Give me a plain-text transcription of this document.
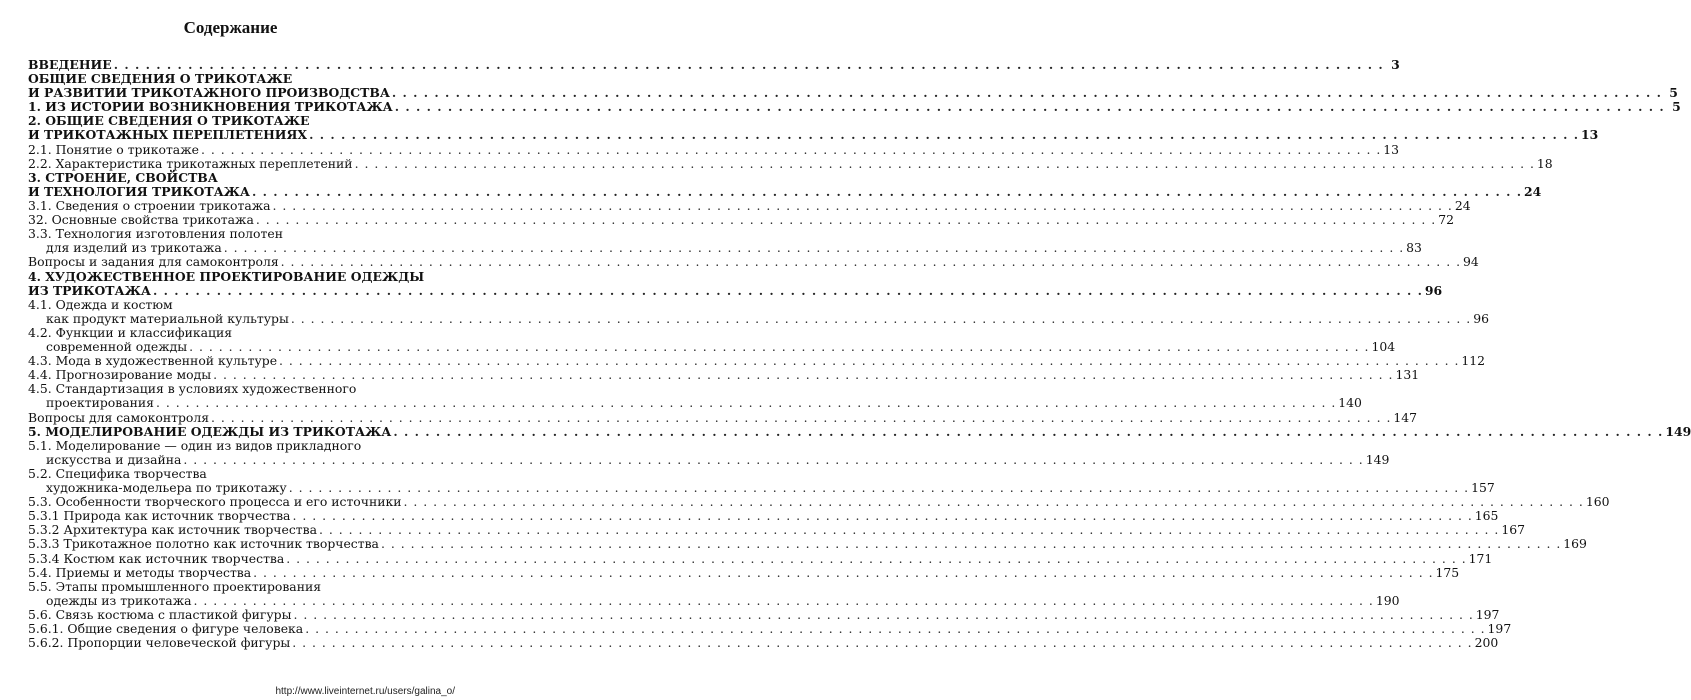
Содержание
ВВЕДЕНИЕ . . . . . . . . . . . . . . . . . . . . . . . . . . . . . . . . . . . . . . . . . . . . . . . . . . . . . . . . . . . . . . . . . . . . . . . . . . . . . . . . . . . . . . . . . . . . . . . . . . . . . . . . . . . . . . . . . . . . . . . . 3
ОБЩИЕ СВЕДЕНИЯ О ТРИКОТАЖЕ
И РАЗВИТИИ ТРИКОТАЖНОГО ПРОИЗВОДСТВА . . . . . . . . . . . . . . . . . . . . . . . . . . . . . . . . . . . . . . . . . . . . . . . . . . . . . . . . . . . . . . . . . . . . . . . . . . . . . . . . . . . . . . . . . . . . . . . . . . . . . . . . . . . . . . . . . . . . . . . . 5
1. ИЗ ИСТОРИИ ВОЗНИКНОВЕНИЯ ТРИКОТАЖА . . . . . . . . . . . . . . . . . . . . . . . . . . . . . . . . . . . . . . . . . . . . . . . . . . . . . . . . . . . . . . . . . . . . . . . . . . . . . . . . . . . . . . . . . . . . . . . . . . . . . . . . . . . . . . . . . . . . . . . . 5
2. ОБЩИЕ СВЕДЕНИЯ О ТРИКОТАЖЕ
И ТРИКОТАЖНЫХ ПЕРЕПЛЕТЕНИЯХ . . . . . . . . . . . . . . . . . . . . . . . . . . . . . . . . . . . . . . . . . . . . . . . . . . . . . . . . . . . . . . . . . . . . . . . . . . . . . . . . . . . . . . . . . . . . . . . . . . . . . . . . . . . . . . . . . . . . . . . . 13
2.1. Понятие о трикотаже . . . . . . . . . . . . . . . . . . . . . . . . . . . . . . . . . . . . . . . . . . . . . . . . . . . . . . . . . . . . . . . . . . . . . . . . . . . . . . . . . . . . . . . . . . . . . . . . . . . . . . . . . . . . . . . . . . . . . . . . 13
2.2. Характеристика трикотажных переплетений . . . . . . . . . . . . . . . . . . . . . . . . . . . . . . . . . . . . . . . . . . . . . . . . . . . . . . . . . . . . . . . . . . . . . . . . . . . . . . . . . . . . . . . . . . . . . . . . . . . . . . . . . . . . . . . . . . . . . . . . 18
3. СТРОЕНИЕ, СВОЙСТВА
И ТЕХНОЛОГИЯ ТРИКОТАЖА . . . . . . . . . . . . . . . . . . . . . . . . . . . . . . . . . . . . . . . . . . . . . . . . . . . . . . . . . . . . . . . . . . . . . . . . . . . . . . . . . . . . . . . . . . . . . . . . . . . . . . . . . . . . . . . . . . . . . . . . 24
3.1. Сведения о строении трикотажа . . . . . . . . . . . . . . . . . . . . . . . . . . . . . . . . . . . . . . . . . . . . . . . . . . . . . . . . . . . . . . . . . . . . . . . . . . . . . . . . . . . . . . . . . . . . . . . . . . . . . . . . . . . . . . . . . . . . . . . . 24
32. Основные свойства трикотажа . . . . . . . . . . . . . . . . . . . . . . . . . . . . . . . . . . . . . . . . . . . . . . . . . . . . . . . . . . . . . . . . . . . . . . . . . . . . . . . . . . . . . . . . . . . . . . . . . . . . . . . . . . . . . . . . . . . . . . . . 72
3.3. Технология изготовления полотен
для изделий из трикотажа . . . . . . . . . . . . . . . . . . . . . . . . . . . . . . . . . . . . . . . . . . . . . . . . . . . . . . . . . . . . . . . . . . . . . . . . . . . . . . . . . . . . . . . . . . . . . . . . . . . . . . . . . . . . . . . . . . . . . . . . 83
Вопросы и задания для самоконтроля . . . . . . . . . . . . . . . . . . . . . . . . . . . . . . . . . . . . . . . . . . . . . . . . . . . . . . . . . . . . . . . . . . . . . . . . . . . . . . . . . . . . . . . . . . . . . . . . . . . . . . . . . . . . . . . . . . . . . . . . 94
4. ХУДОЖЕСТВЕННОЕ ПРОЕКТИРОВАНИЕ ОДЕЖДЫ
ИЗ ТРИКОТАЖА . . . . . . . . . . . . . . . . . . . . . . . . . . . . . . . . . . . . . . . . . . . . . . . . . . . . . . . . . . . . . . . . . . . . . . . . . . . . . . . . . . . . . . . . . . . . . . . . . . . . . . . . . . . . . . . . . . . . . . . . 96
4.1. Одежда и костюм
как продукт материальной культуры . . . . . . . . . . . . . . . . . . . . . . . . . . . . . . . . . . . . . . . . . . . . . . . . . . . . . . . . . . . . . . . . . . . . . . . . . . . . . . . . . . . . . . . . . . . . . . . . . . . . . . . . . . . . . . . . . . . . . . . . 96
4.2. Функции и классификация
современной одежды . . . . . . . . . . . . . . . . . . . . . . . . . . . . . . . . . . . . . . . . . . . . . . . . . . . . . . . . . . . . . . . . . . . . . . . . . . . . . . . . . . . . . . . . . . . . . . . . . . . . . . . . . . . . . . . . . . . . . . . . 104
4.3. Мода в художественной культуре . . . . . . . . . . . . . . . . . . . . . . . . . . . . . . . . . . . . . . . . . . . . . . . . . . . . . . . . . . . . . . . . . . . . . . . . . . . . . . . . . . . . . . . . . . . . . . . . . . . . . . . . . . . . . . . . . . . . . . . . 112
4.4. Прогнозирование моды . . . . . . . . . . . . . . . . . . . . . . . . . . . . . . . . . . . . . . . . . . . . . . . . . . . . . . . . . . . . . . . . . . . . . . . . . . . . . . . . . . . . . . . . . . . . . . . . . . . . . . . . . . . . . . . . . . . . . . . . 131
4.5. Стандартизация в условиях художественного
проектирования . . . . . . . . . . . . . . . . . . . . . . . . . . . . . . . . . . . . . . . . . . . . . . . . . . . . . . . . . . . . . . . . . . . . . . . . . . . . . . . . . . . . . . . . . . . . . . . . . . . . . . . . . . . . . . . . . . . . . . . . 140
Вопросы для самоконтроля . . . . . . . . . . . . . . . . . . . . . . . . . . . . . . . . . . . . . . . . . . . . . . . . . . . . . . . . . . . . . . . . . . . . . . . . . . . . . . . . . . . . . . . . . . . . . . . . . . . . . . . . . . . . . . . . . . . . . . . . 147
5. МОДЕЛИРОВАНИЕ ОДЕЖДЫ ИЗ ТРИКОТАЖА . . . . . . . . . . . . . . . . . . . . . . . . . . . . . . . . . . . . . . . . . . . . . . . . . . . . . . . . . . . . . . . . . . . . . . . . . . . . . . . . . . . . . . . . . . . . . . . . . . . . . . . . . . . . . . . . . . . . . . . . 149
5.1. Моделирование — один из видов прикладного
искусства и дизайна . . . . . . . . . . . . . . . . . . . . . . . . . . . . . . . . . . . . . . . . . . . . . . . . . . . . . . . . . . . . . . . . . . . . . . . . . . . . . . . . . . . . . . . . . . . . . . . . . . . . . . . . . . . . . . . . . . . . . . . . 149
5.2. Специфика творчества
художника-модельера по трикотажу . . . . . . . . . . . . . . . . . . . . . . . . . . . . . . . . . . . . . . . . . . . . . . . . . . . . . . . . . . . . . . . . . . . . . . . . . . . . . . . . . . . . . . . . . . . . . . . . . . . . . . . . . . . . . . . . . . . . . . . . 157
5.3. Особенности творческого процесса и его источники . . . . . . . . . . . . . . . . . . . . . . . . . . . . . . . . . . . . . . . . . . . . . . . . . . . . . . . . . . . . . . . . . . . . . . . . . . . . . . . . . . . . . . . . . . . . . . . . . . . . . . . . . . . . . . . . . . . . . . . . 160
5.3.1 Природа как источник творчества . . . . . . . . . . . . . . . . . . . . . . . . . . . . . . . . . . . . . . . . . . . . . . . . . . . . . . . . . . . . . . . . . . . . . . . . . . . . . . . . . . . . . . . . . . . . . . . . . . . . . . . . . . . . . . . . . . . . . . . . 165
5.3.2 Архитектура как источник творчества . . . . . . . . . . . . . . . . . . . . . . . . . . . . . . . . . . . . . . . . . . . . . . . . . . . . . . . . . . . . . . . . . . . . . . . . . . . . . . . . . . . . . . . . . . . . . . . . . . . . . . . . . . . . . . . . . . . . . . . . 167
5.3.3 Трикотажное полотно как источник творчества . . . . . . . . . . . . . . . . . . . . . . . . . . . . . . . . . . . . . . . . . . . . . . . . . . . . . . . . . . . . . . . . . . . . . . . . . . . . . . . . . . . . . . . . . . . . . . . . . . . . . . . . . . . . . . . . . . . . . . . . 169
5.3.4 Костюм как источник творчества . . . . . . . . . . . . . . . . . . . . . . . . . . . . . . . . . . . . . . . . . . . . . . . . . . . . . . . . . . . . . . . . . . . . . . . . . . . . . . . . . . . . . . . . . . . . . . . . . . . . . . . . . . . . . . . . . . . . . . . . 171
5.4. Приемы и методы творчества . . . . . . . . . . . . . . . . . . . . . . . . . . . . . . . . . . . . . . . . . . . . . . . . . . . . . . . . . . . . . . . . . . . . . . . . . . . . . . . . . . . . . . . . . . . . . . . . . . . . . . . . . . . . . . . . . . . . . . . . 175
5.5. Этапы промышленного проектирования
одежды из трикотажа . . . . . . . . . . . . . . . . . . . . . . . . . . . . . . . . . . . . . . . . . . . . . . . . . . . . . . . . . . . . . . . . . . . . . . . . . . . . . . . . . . . . . . . . . . . . . . . . . . . . . . . . . . . . . . . . . . . . . . . . 190
5.6. Связь костюма с пластикой фигуры . . . . . . . . . . . . . . . . . . . . . . . . . . . . . . . . . . . . . . . . . . . . . . . . . . . . . . . . . . . . . . . . . . . . . . . . . . . . . . . . . . . . . . . . . . . . . . . . . . . . . . . . . . . . . . . . . . . . . . . . 197
5.6.1. Общие сведения о фигуре человека . . . . . . . . . . . . . . . . . . . . . . . . . . . . . . . . . . . . . . . . . . . . . . . . . . . . . . . . . . . . . . . . . . . . . . . . . . . . . . . . . . . . . . . . . . . . . . . . . . . . . . . . . . . . . . . . . . . . . . . . 197
5.6.2. Пропорции человеческой фигуры . . . . . . . . . . . . . . . . . . . . . . . . . . . . . . . . . . . . . . . . . . . . . . . . . . . . . . . . . . . . . . . . . . . . . . . . . . . . . . . . . . . . . . . . . . . . . . . . . . . . . . . . . . . . . . . . . . . . . . . . 200
http://www.liveinternet.ru/users/galina_o/
